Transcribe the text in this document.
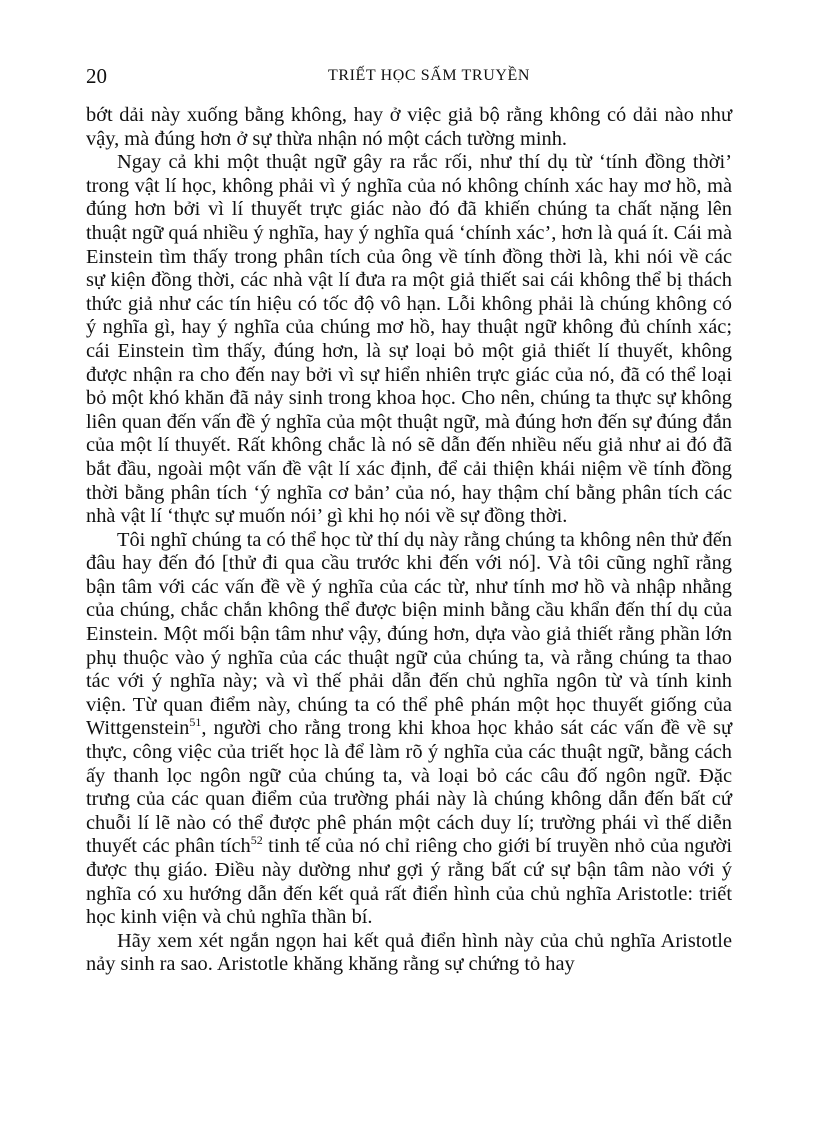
20	TRIẾT HỌC SẤM TRUYỀN

bớt dải này xuống bằng không, hay ở việc giả bộ rằng không có dải nào như vậy, mà đúng hơn ở sự thừa nhận nó một cách tường minh.

Ngay cả khi một thuật ngữ gây ra rắc rối, như thí dụ từ ‘tính đồng thời’ trong vật lí học, không phải vì ý nghĩa của nó không chính xác hay mơ hồ, mà đúng hơn bởi vì lí thuyết trực giác nào đó đã khiến chúng ta chất nặng lên thuật ngữ quá nhiều ý nghĩa, hay ý nghĩa quá ‘chính xác’, hơn là quá ít. Cái mà Einstein tìm thấy trong phân tích của ông về tính đồng thời là, khi nói về các sự kiện đồng thời, các nhà vật lí đưa ra một giả thiết sai cái không thể bị thách thức giả như các tín hiệu có tốc độ vô hạn. Lỗi không phải là chúng không có ý nghĩa gì, hay ý nghĩa của chúng mơ hồ, hay thuật ngữ không đủ chính xác; cái Einstein tìm thấy, đúng hơn, là sự loại bỏ một giả thiết lí thuyết, không được nhận ra cho đến nay bởi vì sự hiển nhiên trực giác của nó, đã có thể loại bỏ một khó khăn đã nảy sinh trong khoa học. Cho nên, chúng ta thực sự không liên quan đến vấn đề ý nghĩa của một thuật ngữ, mà đúng hơn đến sự đúng đắn của một lí thuyết. Rất không chắc là nó sẽ dẫn đến nhiều nếu giả như ai đó đã bắt đầu, ngoài một vấn đề vật lí xác định, để cải thiện khái niệm về tính đồng thời bằng phân tích ‘ý nghĩa cơ bản’ của nó, hay thậm chí bằng phân tích các nhà vật lí ‘thực sự muốn nói’ gì khi họ nói về sự đồng thời.

Tôi nghĩ chúng ta có thể học từ thí dụ này rằng chúng ta không nên thử đến đâu hay đến đó [thử đi qua cầu trước khi đến với nó]. Và tôi cũng nghĩ rằng bận tâm với các vấn đề về ý nghĩa của các từ, như tính mơ hồ và nhập nhằng của chúng, chắc chắn không thể được biện minh bằng cầu khẩn đến thí dụ của Einstein. Một mối bận tâm như vậy, đúng hơn, dựa vào giả thiết rằng phần lớn phụ thuộc vào ý nghĩa của các thuật ngữ của chúng ta, và rằng chúng ta thao tác với ý nghĩa này; và vì thế phải dẫn đến chủ nghĩa ngôn từ và tính kinh viện. Từ quan điểm này, chúng ta có thể phê phán một học thuyết giống của Wittgenstein$^{51}$, người cho rằng trong khi khoa học khảo sát các vấn đề về sự thực, công việc của triết học là để làm rõ ý nghĩa của các thuật ngữ, bằng cách ấy thanh lọc ngôn ngữ của chúng ta, và loại bỏ các câu đố ngôn ngữ. Đặc trưng của các quan điểm của trường phái này là chúng không dẫn đến bất cứ chuỗi lí lẽ nào có thể được phê phán một cách duy lí; trường phái vì thế diễn thuyết các phân tích$^{52}$ tinh tế của nó chỉ riêng cho giới bí truyền nhỏ của người được thụ giáo. Điều này dường như gợi ý rằng bất cứ sự bận tâm nào với ý nghĩa có xu hướng dẫn đến kết quả rất điển hình của chủ nghĩa Aristotle: triết học kinh viện và chủ nghĩa thần bí.

Hãy xem xét ngắn ngọn hai kết quả điển hình này của chủ nghĩa Aristotle nảy sinh ra sao. Aristotle khăng khăng rằng sự chứng tỏ hay
